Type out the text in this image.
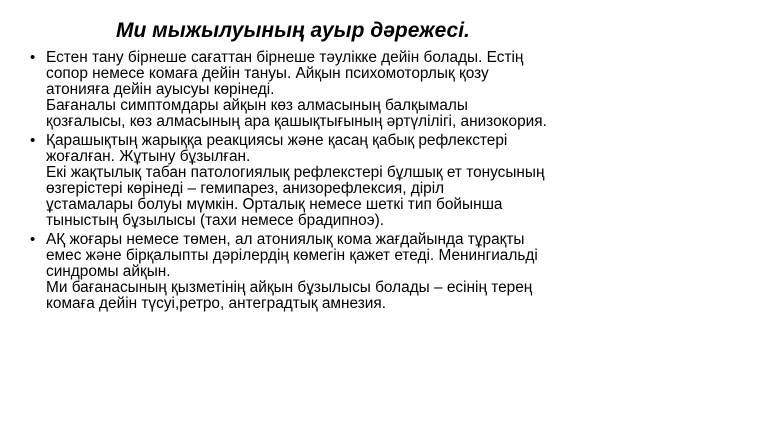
Ми мыжылуының ауыр дәрежесі.
• Естен тану бірнеше сағаттан бірнеше тәулікке дейін болады. Естің
сопор немесе комаға дейін тануы. Айқын психомоторлық қозу
атонияға дейін ауысуы көрінеді.
Бағаналы симптомдары айқын көз алмасының балқымалы
қозғалысы, көз алмасының ара қашықтығының әртүлілігі, анизокория.
• Қарашықтың жарыққа реакциясы және қасаң қабық рефлекстері
жоғалған. Жұтыну бұзылған.
Екі жақтылық табан патологиялық рефлекстері бұлшық ет тонусының
өзгерістері көрінеді – гемипарез, анизорефлексия, діріл
ұстамалары болуы мүмкін. Орталық немесе шеткі тип бойынша
тыныстың бұзылысы (тахи немесе брадипноэ).
• АҚ жоғары немесе төмен, ал атониялық кома жағдайында тұрақты
емес және бірқалыпты дәрілердің көмегін қажет етеді. Менингиальді
синдромы айқын.
Ми бағанасының қызметінің айқын бұзылысы болады – есінің терең
комаға дейін түсуі,ретро, антеградтық амнезия.
